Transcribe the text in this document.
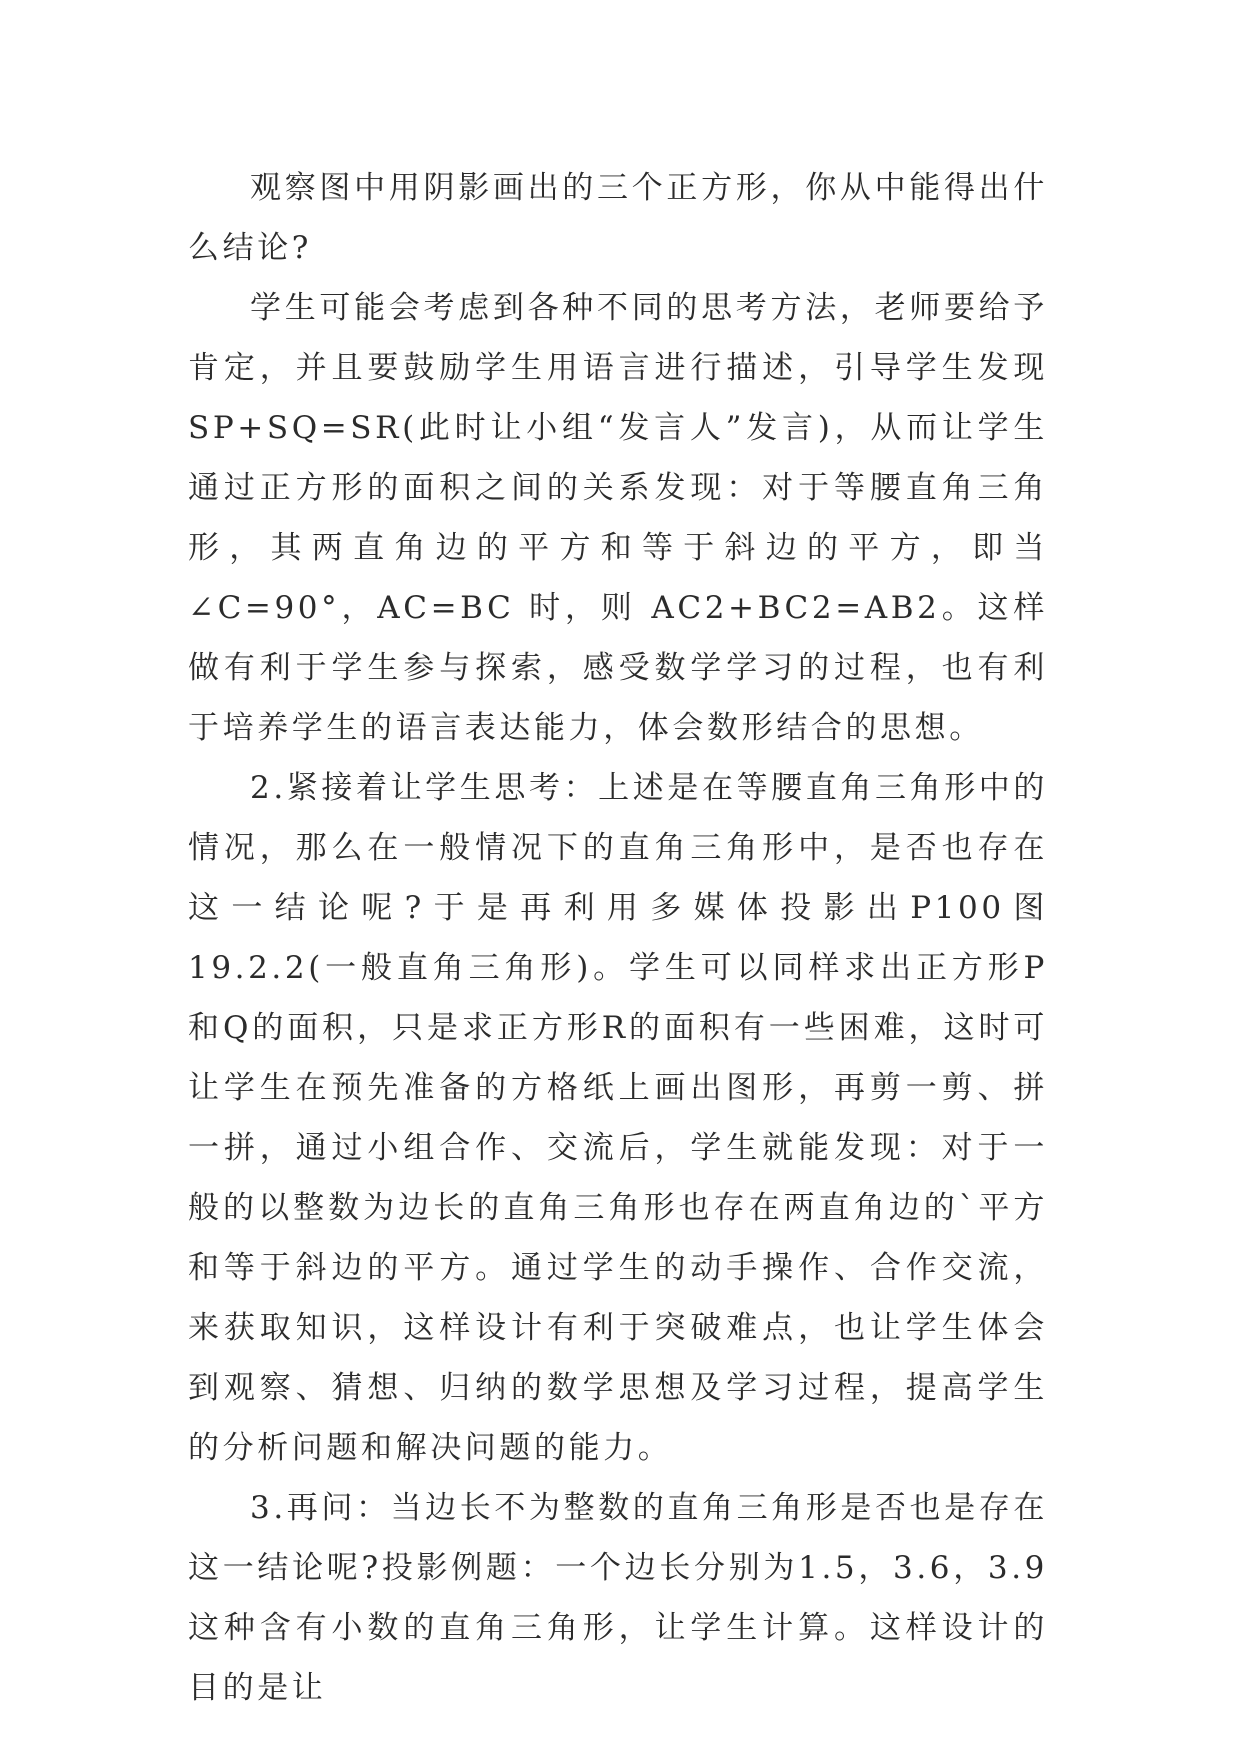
观察图中用阴影画出的三个正方形，你从中能得出什么结论?

学生可能会考虑到各种不同的思考方法，老师要给予肯定，并且要鼓励学生用语言进行描述，引导学生发现SP+SQ=SR(此时让小组“发言人”发言)，从而让学生通过正方形的面积之间的关系发现：对于等腰直角三角形，其两直角边的平方和等于斜边的平方，即当∠C=90°，AC=BC 时，则 AC2+BC2=AB2。这样做有利于学生参与探索，感受数学学习的过程，也有利于培养学生的语言表达能力，体会数形结合的思想。

2.紧接着让学生思考：上述是在等腰直角三角形中的情况，那么在一般情况下的直角三角形中，是否也存在这一结论呢?于是再利用多媒体投影出P100图 19.2.2(一般直角三角形)。学生可以同样求出正方形P和Q的面积，只是求正方形R的面积有一些困难，这时可让学生在预先准备的方格纸上画出图形，再剪一剪、拼一拼，通过小组合作、交流后，学生就能发现：对于一般的以整数为边长的直角三角形也存在两直角边的`平方和等于斜边的平方。通过学生的动手操作、合作交流，来获取知识，这样设计有利于突破难点，也让学生体会到观察、猜想、归纳的数学思想及学习过程，提高学生的分析问题和解决问题的能力。

3.再问：当边长不为整数的直角三角形是否也是存在这一结论呢?投影例题：一个边长分别为1.5，3.6，3.9这种含有小数的直角三角形，让学生计算。这样设计的目的是让
